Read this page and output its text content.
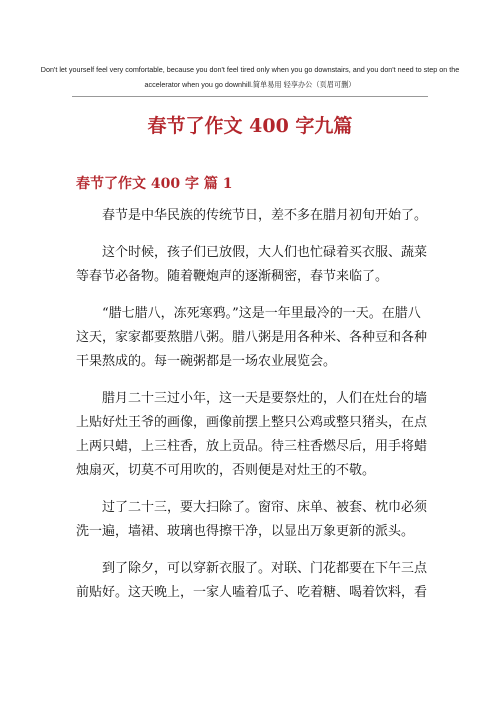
Don't let yourself feel very comfortable, because you don't feel tired only when you go downstairs, and you don't need to step on the accelerator when you go downhill.简单易用 轻享办公（页眉可删）
春节了作文 400 字九篇
春节了作文 400 字 篇 1

春节是中华民族的传统节日，差不多在腊月初旬开始了。

这个时候，孩子们已放假，大人们也忙碌着买衣服、蔬菜等春节必备物。随着鞭炮声的逐渐稠密，春节来临了。

“腊七腊八，冻死寒鸦。”这是一年里最冷的一天。在腊八这天，家家都要熬腊八粥。腊八粥是用各种米、各种豆和各种干果熬成的。每一碗粥都是一场农业展览会。

腊月二十三过小年，这一天是要祭灶的，人们在灶台的墙上贴好灶王爷的画像，画像前摆上整只公鸡或整只猪头，在点上两只蜡，上三柱香，放上贡品。待三柱香燃尽后，用手将蜡烛扇灭，切莫不可用吹的，否则便是对灶王的不敬。

过了二十三，要大扫除了。窗帘、床单、被套、枕巾必须洗一遍，墙裙、玻璃也得擦干净，以显出万象更新的派头。

到了除夕，可以穿新衣服了。对联、门花都要在下午三点前贴好。这天晚上，一家人嗑着瓜子、吃着糖、喝着饮料，看
